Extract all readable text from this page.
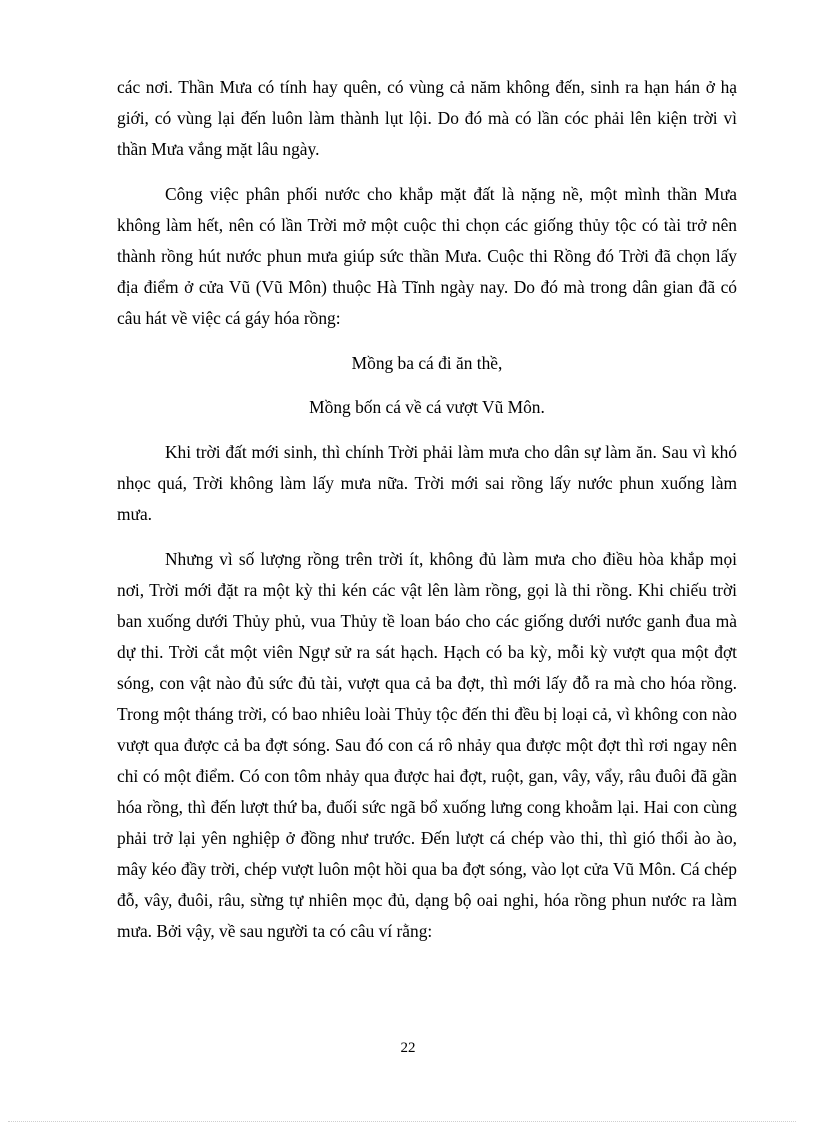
các nơi. Thần Mưa có tính hay quên, có vùng cả năm không đến, sinh ra hạn hán ở hạ giới, có vùng lại đến luôn làm thành lụt lội. Do đó mà có lần cóc phải lên kiện trời vì thần Mưa vắng mặt lâu ngày.

Công việc phân phối nước cho khắp mặt đất là nặng nề, một mình thần Mưa không làm hết, nên có lần Trời mở một cuộc thi chọn các giống thủy tộc có tài trở nên thành rồng hút nước phun mưa giúp sức thần Mưa. Cuộc thi Rồng đó Trời đã chọn lấy địa điểm ở cửa Vũ (Vũ Môn) thuộc Hà Tĩnh ngày nay. Do đó mà trong dân gian đã có câu hát về việc cá gáy hóa rồng:

Mồng ba cá đi ăn thề,

Mồng bốn cá về cá vượt Vũ Môn.

Khi trời đất mới sinh, thì chính Trời phải làm mưa cho dân sự làm ăn. Sau vì khó nhọc quá, Trời không làm lấy mưa nữa. Trời mới sai rồng lấy nước phun xuống làm mưa.

Nhưng vì số lượng rồng trên trời ít, không đủ làm mưa cho điều hòa khắp mọi nơi, Trời mới đặt ra một kỳ thi kén các vật lên làm rồng, gọi là thi rồng. Khi chiếu trời ban xuống dưới Thủy phủ, vua Thủy tề loan báo cho các giống dưới nước ganh đua mà dự thi. Trời cắt một viên Ngự sử ra sát hạch. Hạch có ba kỳ, mỗi kỳ vượt qua một đợt sóng, con vật nào đủ sức đủ tài, vượt qua cả ba đợt, thì mới lấy đỗ ra mà cho hóa rồng. Trong một tháng trời, có bao nhiêu loài Thủy tộc đến thi đều bị loại cả, vì không con nào vượt qua được cả ba đợt sóng. Sau đó con cá rô nhảy qua được một đợt thì rơi ngay nên chỉ có một điểm. Có con tôm nhảy qua được hai đợt, ruột, gan, vây, vẩy, râu đuôi đã gần hóa rồng, thì đến lượt thứ ba, đuối sức ngã bổ xuống lưng cong khoằm lại. Hai con cùng phải trở lại yên nghiệp ở đồng như trước. Đến lượt cá chép vào thi, thì gió thổi ào ào, mây kéo đầy trời, chép vượt luôn một hồi qua ba đợt sóng, vào lọt cửa Vũ Môn. Cá chép đỗ, vây, đuôi, râu, sừng tự nhiên mọc đủ, dạng bộ oai nghi, hóa rồng phun nước ra làm mưa. Bởi vậy, về sau người ta có câu ví rằng:

22
